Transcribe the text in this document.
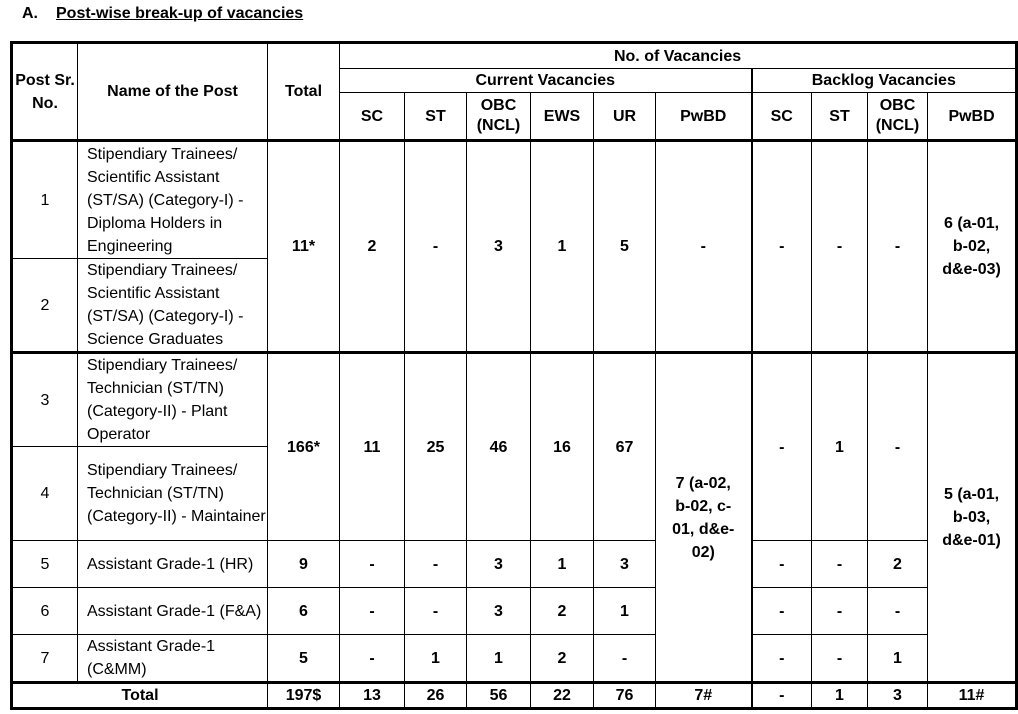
A. Post-wise break-up of vacancies
Post Sr. No.	Name of the Post	Total	No. of Vacancies									
			Current Vacancies						Backlog Vacancies			
			SC	ST	OBC (NCL)	EWS	UR	PwBD	SC	ST	OBC (NCL)	PwBD
1	Stipendiary Trainees/ Scientific Assistant (ST/SA) (Category-I) - Diploma Holders in Engineering	11*	2	-	3	1	5	-	-	-	-	6 (a-01, b-02, d&e-03)
2	Stipendiary Trainees/ Scientific Assistant (ST/SA) (Category-I) - Science Graduates											
3	Stipendiary Trainees/ Technician (ST/TN) (Category-II) - Plant Operator	166*	11	25	46	16	67	7 (a-02, b-02, c-01, d&e-02)	-	1	-	5 (a-01, b-03, d&e-01)
4	Stipendiary Trainees/ Technician (ST/TN) (Category-II) - Maintainer											
5	Assistant Grade-1 (HR)	9	-	-	3	1	3		-	-	2	
6	Assistant Grade-1 (F&A)	6	-	-	3	2	1		-	-	-	
7	Assistant Grade-1 (C&MM)	5	-	1	1	2	-		-	-	1	
Total		197$	13	26	56	22	76	7#	-	1	3	11#
